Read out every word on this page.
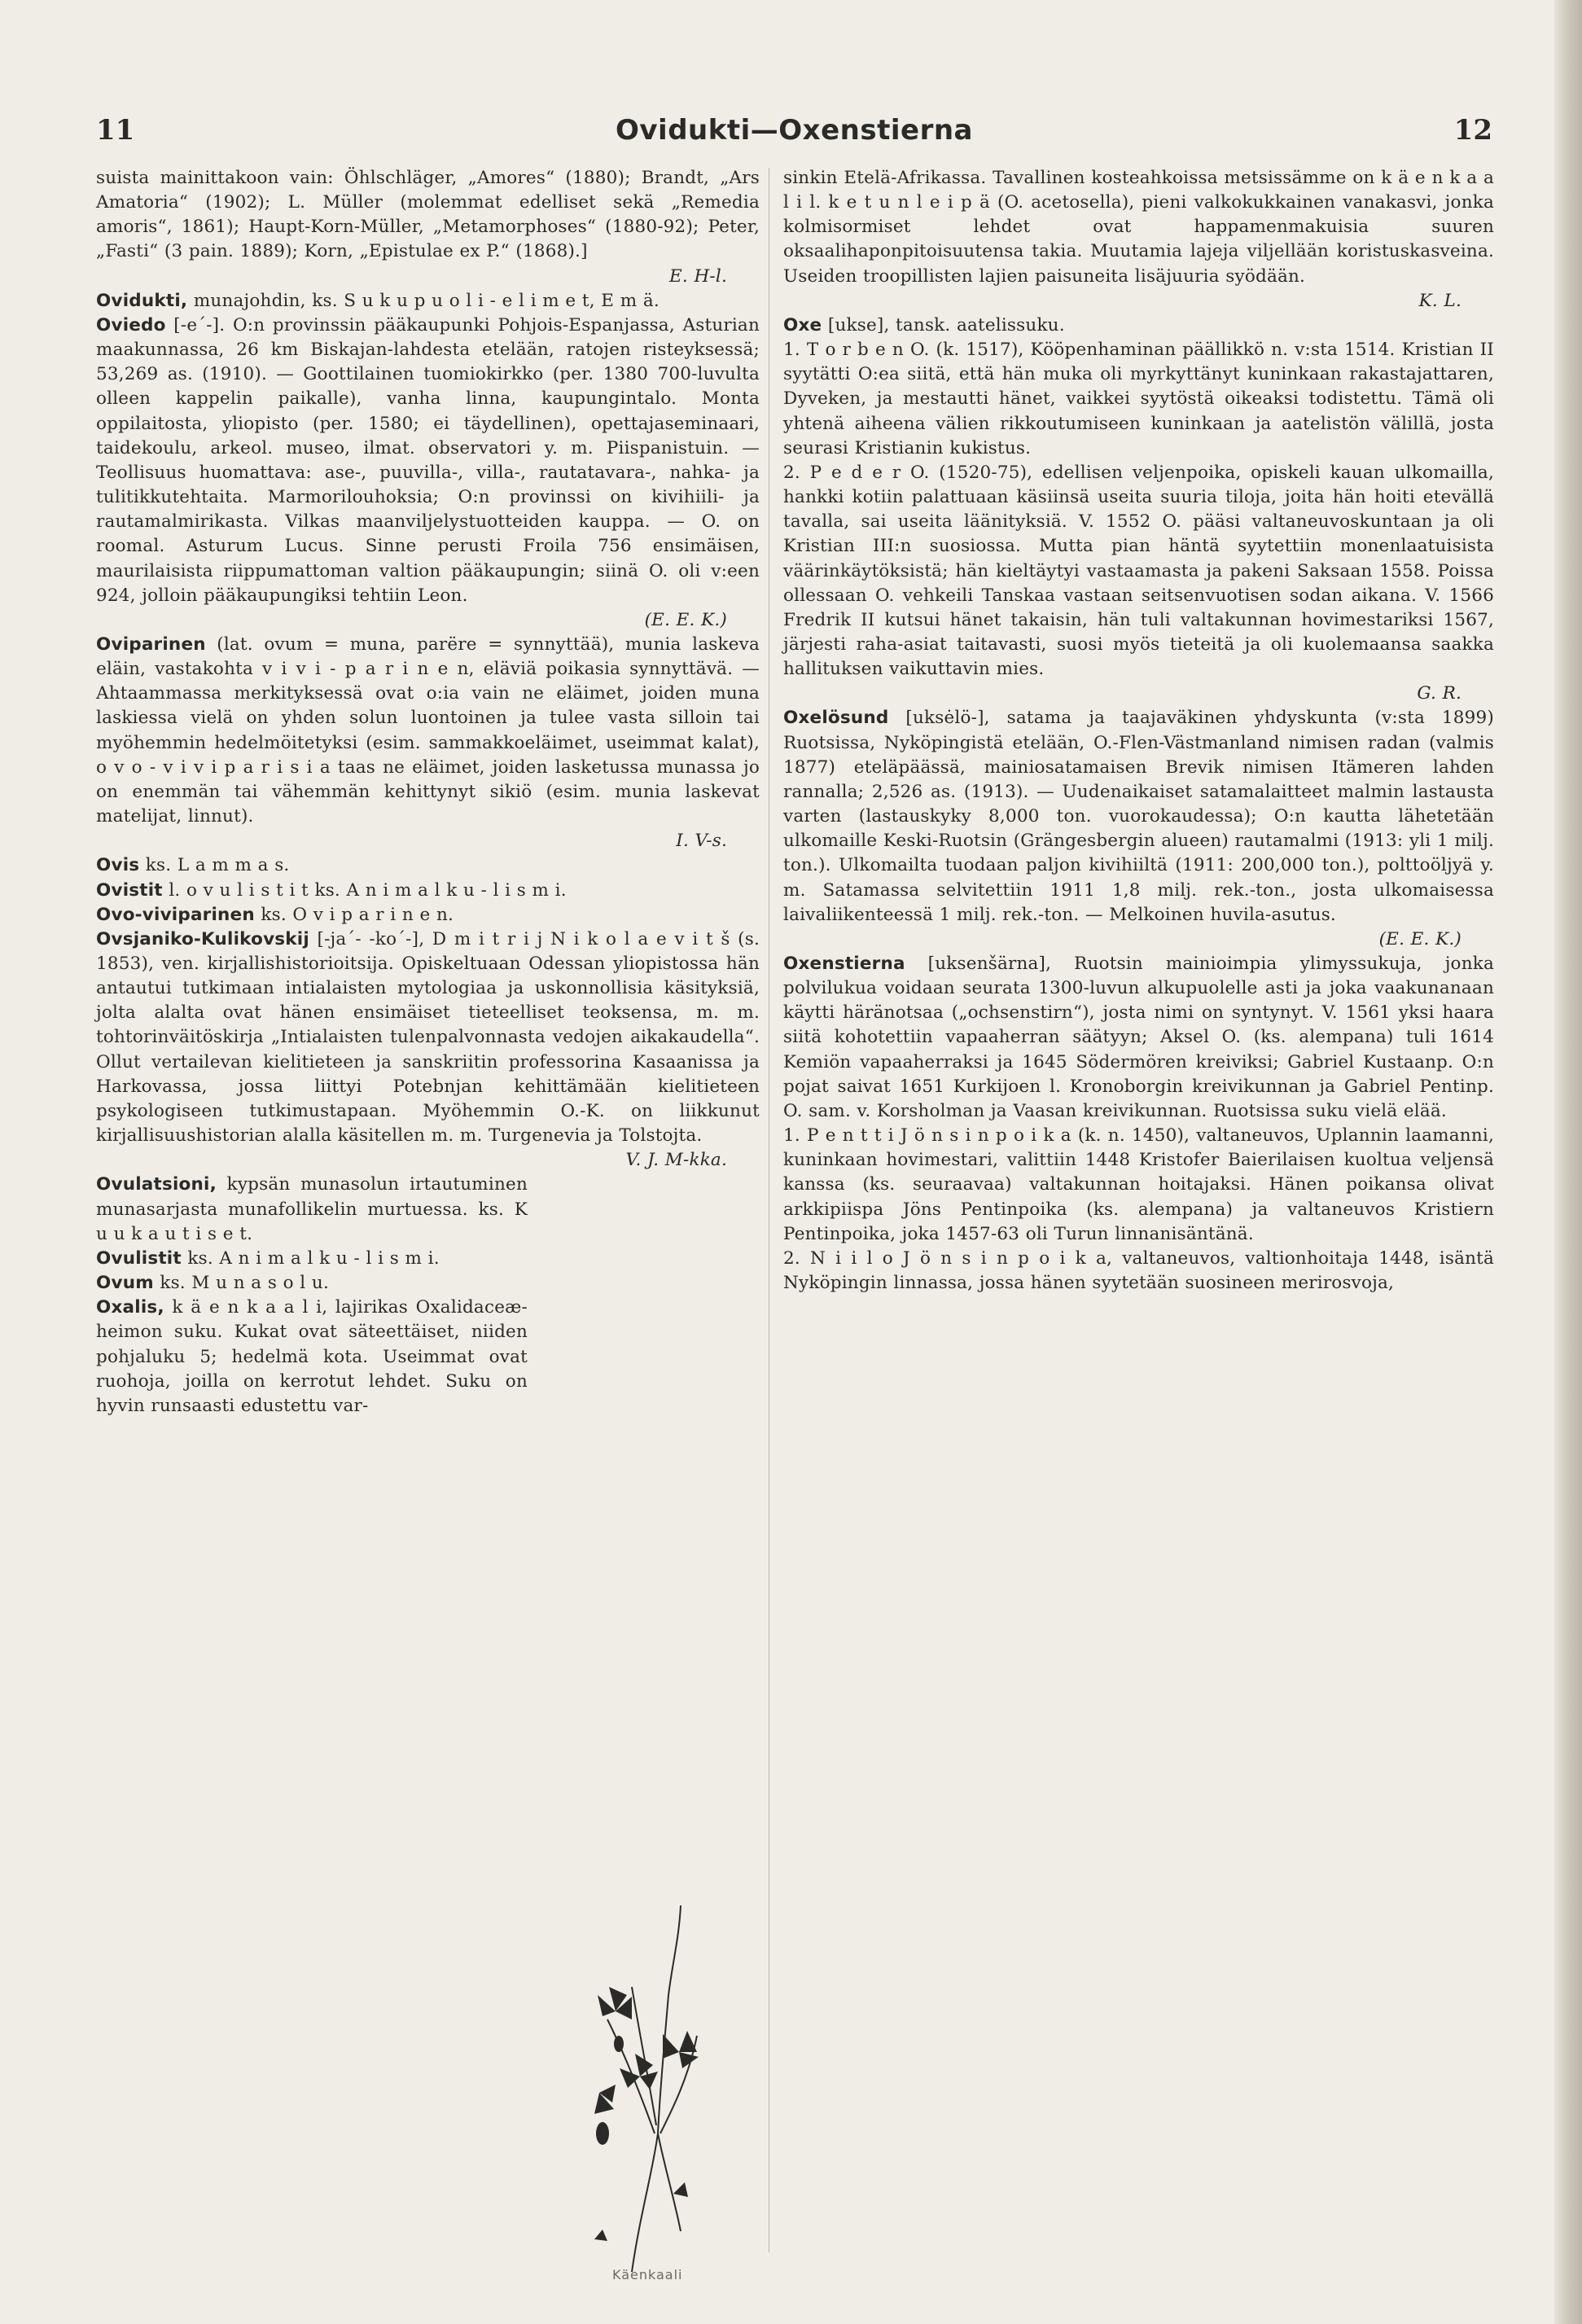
11	Ovidukti—Oxenstierna	12

suista mainittakoon vain: Öhlschläger, „Amores“ (1880); Brandt, „Ars Amatoria“ (1902); L. Müller (molemmat edelliset sekä „Remedia amoris“, 1861); Haupt-Korn-Müller, „Metamorphoses“ (1880-92); Peter, „Fasti“ (3 pain. 1889); Korn, „Epistulae ex P.“ (1868).]
E. H-l.

Ovidukti, munajohdin, ks. S u k u p u o l i - e l i m e t, E m ä.

Oviedo [-e´-]. O:n provinssin pääkaupunki Pohjois-Espanjassa, Asturian maakunnassa, 26 km Biskajan-lahdesta etelään, ratojen risteyksessä; 53,269 as. (1910). — Goottilainen tuomiokirkko (per. 1380 700-luvulta olleen kappelin paikalle), vanha linna, kaupungintalo. Monta oppilaitosta, yliopisto (per. 1580; ei täydellinen), opettajaseminaari, taidekoulu, arkeol. museo, ilmat. observatori y. m. Piispanistuin. — Teollisuus huomattava: ase-, puuvilla-, villa-, rautatavara-, nahka- ja tulitikkutehtaita. Marmorilouhoksia; O:n provinssi on kivihiili- ja rautamalmirikasta. Vilkas maanviljelystuotteiden kauppa. — O. on roomal. Asturum Lucus. Sinne perusti Froila 756 ensimäisen, maurilaisista riippumattoman valtion pääkaupungin; siinä O. oli v:een 924, jolloin pääkaupungiksi tehtiin Leon.
(E. E. K.)

Oviparinen (lat. ovum = muna, parëre = synnyttää), munia laskeva eläin, vastakohta v i v i - p a r i n e n, eläviä poikasia synnyttävä. — Ahtaammassa merkityksessä ovat o:ia vain ne eläimet, joiden muna laskiessa vielä on yhden solun luontoinen ja tulee vasta silloin tai myöhemmin hedelmöitetyksi (esim. sammakkoeläimet, useimmat kalat), o v o - v i v i p a r i s i a taas ne eläimet, joiden lasketussa munassa jo on enemmän tai vähemmän kehittynyt sikiö (esim. munia laskevat matelijat, linnut).
I. V-s.

Ovis ks. L a m m a s.

Ovistit l. o v u l i s t i t ks. A n i m a l k u - l i s m i.

Ovo-viviparinen ks. O v i p a r i n e n.

Ovsjaniko-Kulikovskij [-ja´- -ko´-], D m i t r i j N i k o l a e v i t š (s. 1853), ven. kirjallishistorioitsija. Opiskeltuaan Odessan yliopistossa hän antautui tutkimaan intialaisten mytologiaa ja uskonnollisia käsityksiä, jolta alalta ovat hänen ensimäiset tieteelliset teoksensa, m. m. tohtorinväitöskirja „Intialaisten tulenpalvonnasta vedojen aikakaudella“. Ollut vertailevan kielitieteen ja sanskriitin professorina Kasaanissa ja Harkovassa, jossa liittyi Potebnjan kehittämään kielitieteen psykologiseen tutkimustapaan. Myöhemmin O.-K. on liikkunut kirjallisuushistorian alalla käsitellen m. m. Turgenevia ja Tolstojta.
V. J. M-kka.

Ovulatsioni, kypsän munasolun irtautuminen munasarjasta munafollikelin murtuessa. ks. K u u k a u t i s e t.

Ovulistit ks. A n i m a l k u - l i s m i.

Ovum ks. M u n a s o l u.

Oxalis, k ä e n k a a l i, lajirikas Oxalidaceæ-heimon suku. Kukat ovat säteettäiset, niiden pohjaluku 5; hedelmä kota. Useimmat ovat ruohoja, joilla on kerrotut lehdet. Suku on hyvin runsaasti edustettu var-

sinkin Etelä-Afrikassa. Tavallinen kosteahkoissa metsissämme on k ä e n k a a l i l. k e t u n l e i p ä (O. acetosella), pieni valkokukkainen vanakasvi, jonka kolmisormiset lehdet ovat happamenmakuisia suuren oksaalihaponpitoisuutensa takia. Muutamia lajeja viljellään koristuskasveina. Useiden troopillisten lajien paisuneita lisäjuuria syödään.
K. L.

Oxe [ukse], tansk. aatelissuku.

1. T o r b e n O. (k. 1517), Kööpenhaminan päällikkö n. v:sta 1514. Kristian II syytätti O:ea siitä, että hän muka oli myrkyttänyt kuninkaan rakastajattaren, Dyveken, ja mestautti hänet, vaikkei syytöstä oikeaksi todistettu. Tämä oli yhtenä aiheena välien rikkoutumiseen kuninkaan ja aatelistön välillä, josta seurasi Kristianin kukistus.

2. P e d e r O. (1520-75), edellisen veljenpoika, opiskeli kauan ulkomailla, hankki kotiin palattuaan käsiinsä useita suuria tiloja, joita hän hoiti etevällä tavalla, sai useita läänityksiä. V. 1552 O. pääsi valtaneuvoskuntaan ja oli Kristian III:n suosiossa. Mutta pian häntä syytettiin monenlaatuisista väärinkäytöksistä; hän kieltäytyi vastaamasta ja pakeni Saksaan 1558. Poissa ollessaan O. vehkeili Tanskaa vastaan seitsenvuotisen sodan aikana. V. 1566 Fredrik II kutsui hänet takaisin, hän tuli valtakunnan hovimestariksi 1567, järjesti raha-asiat taitavasti, suosi myös tieteitä ja oli kuolemaansa saakka hallituksen vaikuttavin mies.
G. R.

Oxelösund [uksėlö-], satama ja taajaväkinen yhdyskunta (v:sta 1899) Ruotsissa, Nyköpingistä etelään, O.-Flen-Västmanland nimisen radan (valmis 1877) eteläpäässä, mainiosatamaisen Brevik nimisen Itämeren lahden rannalla; 2,526 as. (1913). — Uudenaikaiset satamalaitteet malmin lastausta varten (lastauskyky 8,000 ton. vuorokaudessa); O:n kautta lähetetään ulkomaille Keski-Ruotsin (Grängesbergin alueen) rautamalmi (1913: yli 1 milj. ton.). Ulkomailta tuodaan paljon kivihiiltä (1911: 200,000 ton.), polttoöljyä y. m. Satamassa selvitettiin 1911 1,8 milj. rek.-ton., josta ulkomaisessa laivaliikenteessä 1 milj. rek.-ton. — Melkoinen huvila-asutus.
(E. E. K.)

Oxenstierna [uksenšärna], Ruotsin mainioimpia ylimyssukuja, jonka polvilukua voidaan seurata 1300-luvun alkupuolelle asti ja joka vaakunanaan käytti häränotsaa („ochsenstirn“), josta nimi on syntynyt. V. 1561 yksi haara siitä kohotettiin vapaaherran säätyyn; Aksel O. (ks. alempana) tuli 1614 Kemiön vapaaherraksi ja 1645 Södermören kreiviksi; Gabriel Kustaanp. O:n pojat saivat 1651 Kurkijoen l. Kronoborgin kreivikunnan ja Gabriel Pentinp. O. sam. v. Korsholman ja Vaasan kreivikunnan. Ruotsissa suku vielä elää.

1. P e n t t i J ö n s i n p o i k a (k. n. 1450), valtaneuvos, Uplannin laamanni, kuninkaan hovimestari, valittiin 1448 Kristofer Baierilaisen kuoltua veljensä kanssa (ks. seuraavaa) valtakunnan hoitajaksi. Hänen poikansa olivat arkkipiispa Jöns Pentinpoika (ks. alempana) ja valtaneuvos Kristiern Pentinpoika, joka 1457-63 oli Turun linnanisäntänä.

2. N i i l o J ö n s i n p o i k a, valtaneuvos, valtionhoitaja 1448, isäntä Nyköpingin linnassa, jossa hänen syytetään suosineen merirosvoja,

Käenkaali
